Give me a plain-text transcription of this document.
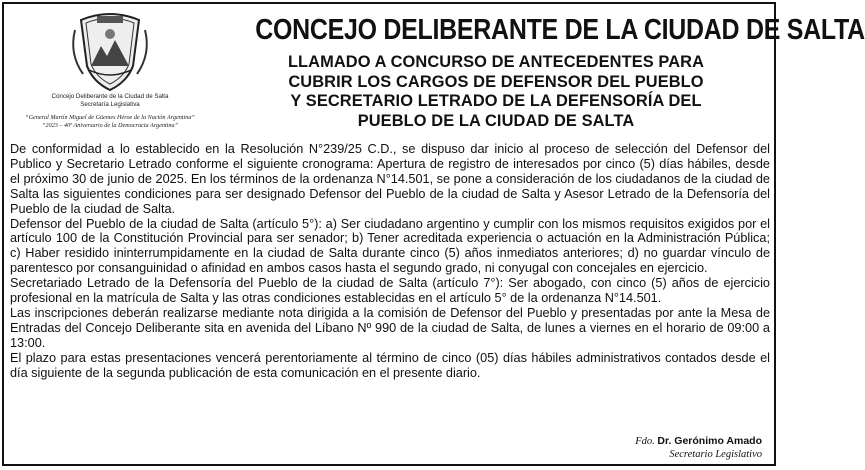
Concejo Deliberante de la Ciudad de Salta
Secretaría Legislativa
“General Martín Miguel de Güemes Héroe de la Nación Argentina”
“2023 – 40º Aniversario de la Democracia Argentina”
CONCEJO DELIBERANTE DE LA CIUDAD DE SALTA
LLAMADO A CONCURSO DE ANTECEDENTES PARA
CUBRIR LOS CARGOS DE DEFENSOR DEL PUEBLO
Y SECRETARIO LETRADO DE LA DEFENSORÍA DEL
PUEBLO DE LA CIUDAD DE SALTA

De conformidad a lo establecido en la Resolución N°239/25 C.D., se dispuso dar inicio al proceso de selección del Defensor del Publico y Secretario Letrado conforme el siguiente cronograma: Apertura de registro de interesados por cinco (5) días hábiles, desde el próximo 30 de junio de 2025. En los términos de la ordenanza N°14.501, se pone a consideración de los ciudadanos de la ciudad de Salta las siguientes condiciones para ser designado Defensor del Pueblo de la ciudad de Salta y Asesor Letrado de la Defensoría del Pueblo de la ciudad de Salta.

Defensor del Pueblo de la ciudad de Salta (artículo 5°): a) Ser ciudadano argentino y cumplir con los mismos requisitos exigidos por el artículo 100 de la Constitución Provincial para ser senador; b) Tener acreditada experiencia o actuación en la Administración Pública; c) Haber residido ininterrumpidamente en la ciudad de Salta durante cinco (5) años inmediatos anteriores; d) no guardar vínculo de parentesco por consanguinidad o afinidad en ambos casos hasta el segundo grado, ni conyugal con concejales en ejercicio.

Secretariado Letrado de la Defensoría del Pueblo de la ciudad de Salta (artículo 7°): Ser abogado, con cinco (5) años de ejercicio profesional en la matrícula de Salta y las otras condiciones establecidas en el artículo 5° de la ordenanza N°14.501.

Las inscripciones deberán realizarse mediante nota dirigida a la comisión de Defensor del Pueblo y presentadas por ante la Mesa de Entradas del Concejo Deliberante sita en avenida del Líbano Nº 990 de la ciudad de Salta, de lunes a viernes en el horario de 09:00 a 13:00.

El plazo para estas presentaciones vencerá perentoriamente al término de cinco (05) días hábiles administrativos contados desde el día siguiente de la segunda publicación de esta comunicación en el presente diario.

Fdo. Dr. Gerónimo Amado
Secretario Legislativo
